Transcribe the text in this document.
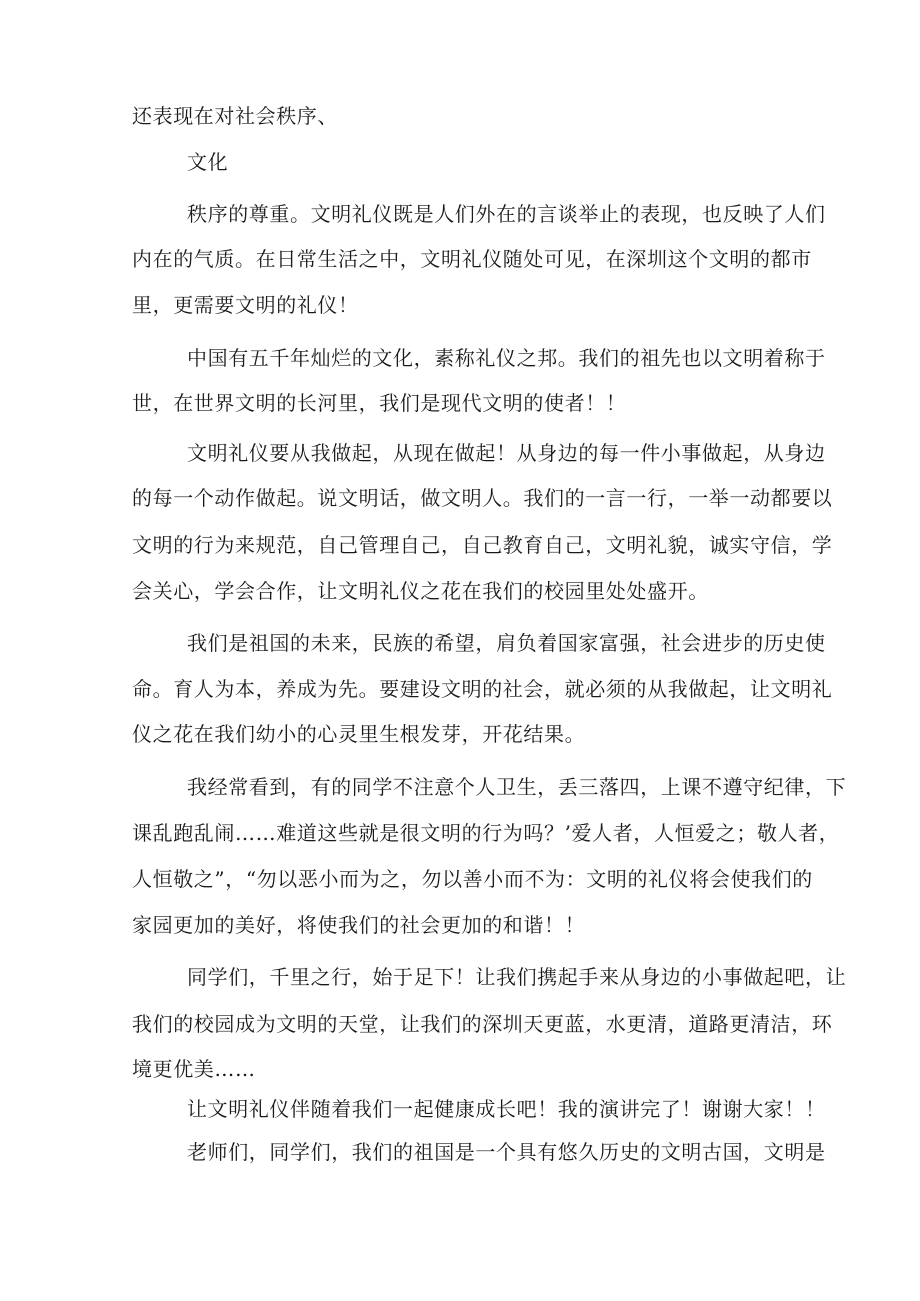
还表现在对社会秩序、
文化
秩序的尊重。文明礼仪既是人们外在的言谈举止的表现，也反映了人们
内在的气质。在日常生活之中，文明礼仪随处可见，在深圳这个文明的都市
里，更需要文明的礼仪！
中国有五千年灿烂的文化，素称礼仪之邦。我们的祖先也以文明着称于
世，在世界文明的长河里，我们是现代文明的使者！！
文明礼仪要从我做起，从现在做起！从身边的每一件小事做起，从身边
的每一个动作做起。说文明话，做文明人。我们的一言一行，一举一动都要以
文明的行为来规范，自己管理自己，自己教育自己，文明礼貌，诚实守信，学
会关心，学会合作，让文明礼仪之花在我们的校园里处处盛开。
我们是祖国的未来，民族的希望，肩负着国家富强，社会进步的历史使
命。育人为本，养成为先。要建设文明的社会，就必须的从我做起，让文明礼
仪之花在我们幼小的心灵里生根发芽，开花结果。
我经常看到，有的同学不注意个人卫生，丢三落四，上课不遵守纪律，下
课乱跑乱闹……难道这些就是很文明的行为吗？’爱人者，人恒爱之；敬人者，
人恒敬之”，“勿以恶小而为之，勿以善小而不为：文明的礼仪将会使我们的
家园更加的美好，将使我们的社会更加的和谐！！
同学们，千里之行，始于足下！让我们携起手来从身边的小事做起吧，让
我们的校园成为文明的天堂，让我们的深圳天更蓝，水更清，道路更清洁，环
境更优美……
让文明礼仪伴随着我们一起健康成长吧！我的演讲完了！谢谢大家！！
老师们，同学们，我们的祖国是一个具有悠久历史的文明古国，文明是
